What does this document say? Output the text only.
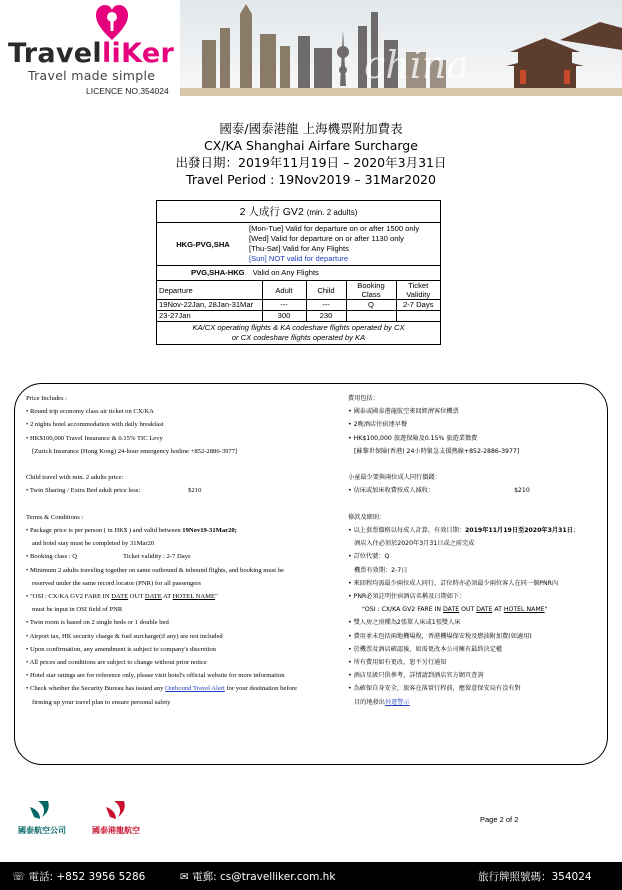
TravelliKer
Travel made simple
LICENCE NO.354024
china
國泰/國泰港龍 上海機票附加費表
CX/KA Shanghai Airfare Surcharge
出發日期：2019年11月19日 – 2020年3月31日
Travel Period : 19Nov2019 – 31Mar2020
2 人成行 GV2 (min. 2 adults)
HKG-PVG,SHA
[Mon-Tue] Valid for departure on or after 1500 only
[Wed] Valid for departure on or after 1130 only
[Thu-Sat] Valid for Any Flights
[Sun] NOT valid for departure
PVG,SHA-HKG Valid on Any Flights
Departure	Adult	Child	Booking Class	Ticket Validity
19Nov-22Jan, 28Jan-31Mar	---	---	Q	2-7 Days
23-27Jan	300	230		
KA/CX operating flights & KA codeshare flights operated by CX
or CX codeshare flights operated by KA
Price Includes :
• Round trip economy class air ticket on CX/KA
• 2 nights hotel accommodation with daily breakfast
• HK$100,000 Travel Insurance & 0.15% TIC Levy
[Zurich Insurance (Hong Kong) 24-hour emergency hotline +852-2886-3977]
Child travel with min. 2 adults price:
• Twin Sharing / Extra Bed adult price less:	$210
Terms & Conditions :
• Package price is per person ( in HK$ ) and valid between 19Nov19-31Mar20;
and hotel stay must be completed by 31Mar20
• Booking class : Q	Ticket validity : 2-7 Days
• Minimum 2 adults traveling together on same outbound & inbound flights, and booking must be
reserved under the same record locator (PNR) for all passengers
• "OSI : CX/KA GV2 FARE IN DATE OUT DATE AT HOTEL NAME"
must be input in OSI field of PNR
• Twin room is based on 2 single beds or 1 double bed
• Airport tax, HK security charge & fuel surcharge(if any) are not included
• Upon confirmation, any amendment is subject to company's discretion
• All prices and conditions are subject to change without prior notice
• Hotel star ratings are for reference only, please visit hotel's official website for more information
• Check whether the Security Bureau has issued any Outbound Travel Alert for your destination before
firming up your travel plan to ensure personal safety
費用包括：
• 國泰或國泰港龍航空來回經濟客位機票
• 2晚酒店住宿連早餐
• HK$100,000 旅遊保險及0.15% 旅遊業徵費
[蘇黎世保險(香港) 24小時緊急支援熱線+852-2886-3977]
小童最少要與兩位成人同行價錢：
• 佔床或加床收費按成人減收：	$210
條款及細則：
• 以上套票價格以每成人計算，有效日期：2019年11月19日至2020年3月31日；
酒店入住必須於2020年3月31日或之前完成
• 訂位代號：Q
機票有效期：2-7日
• 來回程均需最少兩位成人同行，訂位時亦必須最少兩位客人在同一個PNR內
• PNR必須註明住宿酒店名稱及日期如下：
"OSI : CX/KA GV2 FARE IN DATE OUT DATE AT HOTEL NAME"
• 雙人房之房種為2張單人床或1張雙人床
• 費用並未包括兩地機場稅，香港機場保安稅及燃油附加費(如適用)
• 於機票及酒店確認後，如需更改本公司擁有最終決定權
• 所有費用如有更改，恕不另行通知
• 酒店星級只供參考，詳情請到酒店官方網頁查詢
• 為確保自身安全，旅客在落實行程前，應留意保安局有沒有對
目的地發出外遊警示
國泰航空公司	國泰港龍航空
Page 2 of 2
☏ 電話: +852 3956 5286	✉ 電郵: cs@travelliker.com.hk	旅行牌照號碼：354024
